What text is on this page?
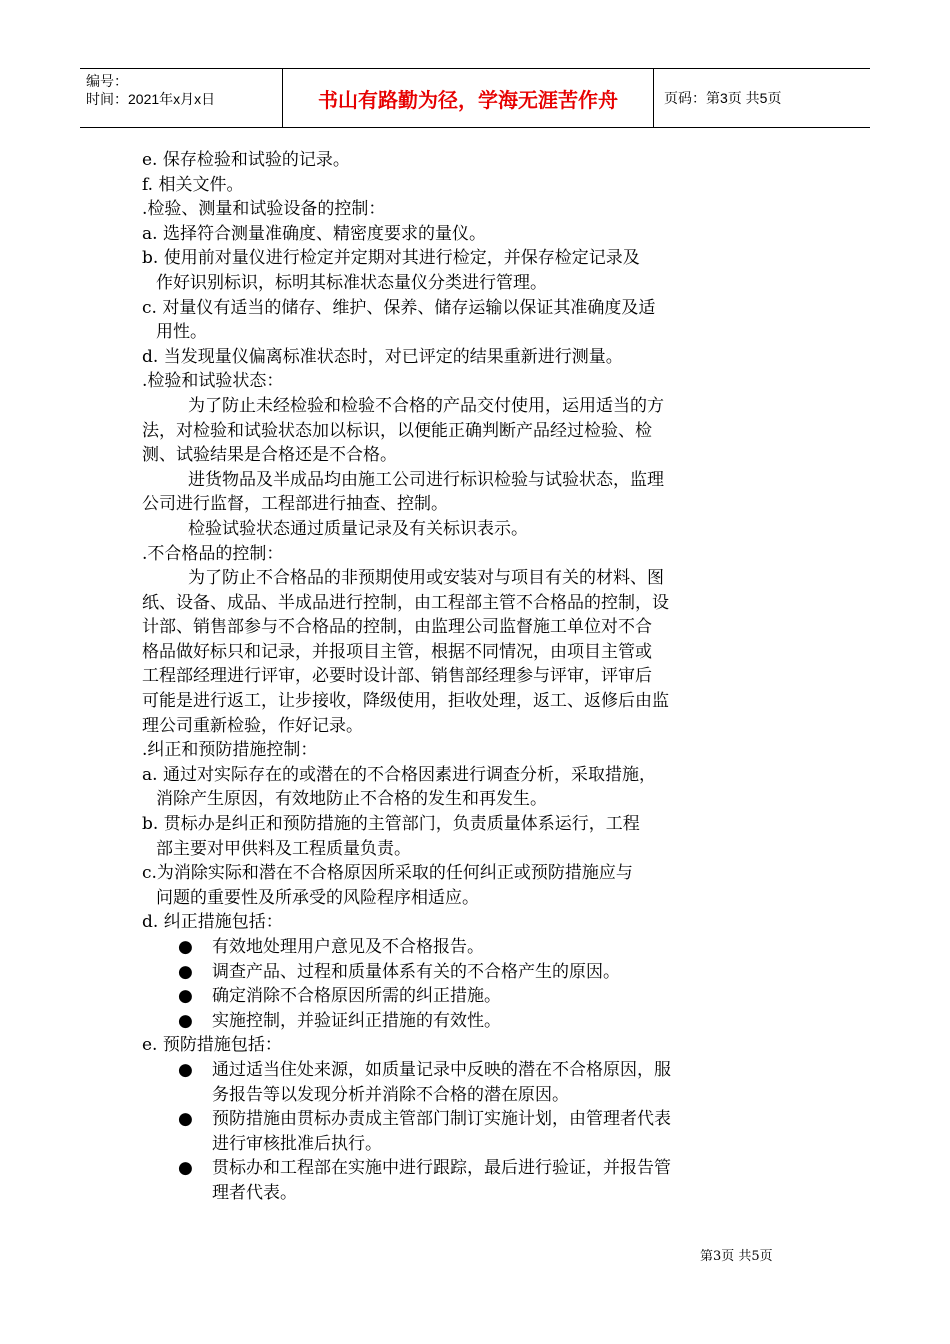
编号：
时间：2021年x月x日	书山有路勤为径，学海无涯苦作舟	页码：第3页 共5页
e. 保存检验和试验的记录。
f. 相关文件。
.检验、测量和试验设备的控制：
a. 选择符合测量准确度、精密度要求的量仪。
b. 使用前对量仪进行检定并定期对其进行检定，并保存检定记录及
作好识别标识，标明其标准状态量仪分类进行管理。
c. 对量仪有适当的储存、维护、保养、储存运输以保证其准确度及适
用性。
d. 当发现量仪偏离标准状态时，对已评定的结果重新进行测量。
.检验和试验状态：
为了防止未经检验和检验不合格的产品交付使用，运用适当的方
法，对检验和试验状态加以标识，以便能正确判断产品经过检验、检
测、试验结果是合格还是不合格。
进货物品及半成品均由施工公司进行标识检验与试验状态，监理
公司进行监督，工程部进行抽查、控制。
检验试验状态通过质量记录及有关标识表示。
.不合格品的控制：
为了防止不合格品的非预期使用或安装对与项目有关的材料、图
纸、设备、成品、半成品进行控制，由工程部主管不合格品的控制，设
计部、销售部参与不合格品的控制，由监理公司监督施工单位对不合
格品做好标只和记录，并报项目主管，根据不同情况，由项目主管或
工程部经理进行评审，必要时设计部、销售部经理参与评审，评审后
可能是进行返工，让步接收，降级使用，拒收处理，返工、返修后由监
理公司重新检验，作好记录。
.纠正和预防措施控制：
a. 通过对实际存在的或潜在的不合格因素进行调查分析，采取措施，
消除产生原因，有效地防止不合格的发生和再发生。
b. 贯标办是纠正和预防措施的主管部门，负责质量体系运行，工程
部主要对甲供料及工程质量负责。
c.为消除实际和潜在不合格原因所采取的任何纠正或预防措施应与
问题的重要性及所承受的风险程序相适应。
d. 纠正措施包括：
●	有效地处理用户意见及不合格报告。
●	调查产品、过程和质量体系有关的不合格产生的原因。
●	确定消除不合格原因所需的纠正措施。
●	实施控制，并验证纠正措施的有效性。
e. 预防措施包括：
●	通过适当住处来源，如质量记录中反映的潜在不合格原因，服
务报告等以发现分析并消除不合格的潜在原因。
●	预防措施由贯标办责成主管部门制订实施计划，由管理者代表
进行审核批准后执行。
●	贯标办和工程部在实施中进行跟踪，最后进行验证，并报告管
理者代表。
第3页 共5页
